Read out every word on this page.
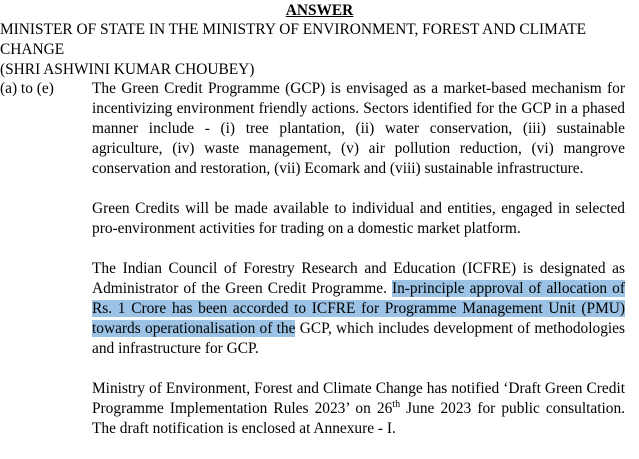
ANSWER
MINISTER OF STATE IN THE MINISTRY OF ENVIRONMENT, FOREST AND CLIMATE
CHANGE
(SHRI ASHWINI KUMAR CHOUBEY)
(a) to (e) The Green Credit Programme (GCP) is envisaged as a market-based mechanism for incentivizing environment friendly actions. Sectors identified for the GCP in a phased manner include - (i) tree plantation, (ii) water conservation, (iii) sustainable agriculture, (iv) waste management, (v) air pollution reduction, (vi) mangrove conservation and restoration, (vii) Ecomark and (viii) sustainable infrastructure.

Green Credits will be made available to individual and entities, engaged in selected pro-environment activities for trading on a domestic market platform.

The Indian Council of Forestry Research and Education (ICFRE) is designated as Administrator of the Green Credit Programme. In-principle approval of allocation of Rs. 1 Crore has been accorded to ICFRE for Programme Management Unit (PMU) towards operationalisation of the GCP, which includes development of methodologies and infrastructure for GCP.

Ministry of Environment, Forest and Climate Change has notified ‘Draft Green Credit Programme Implementation Rules 2023’ on 26th June 2023 for public consultation. The draft notification is enclosed at Annexure - I.
